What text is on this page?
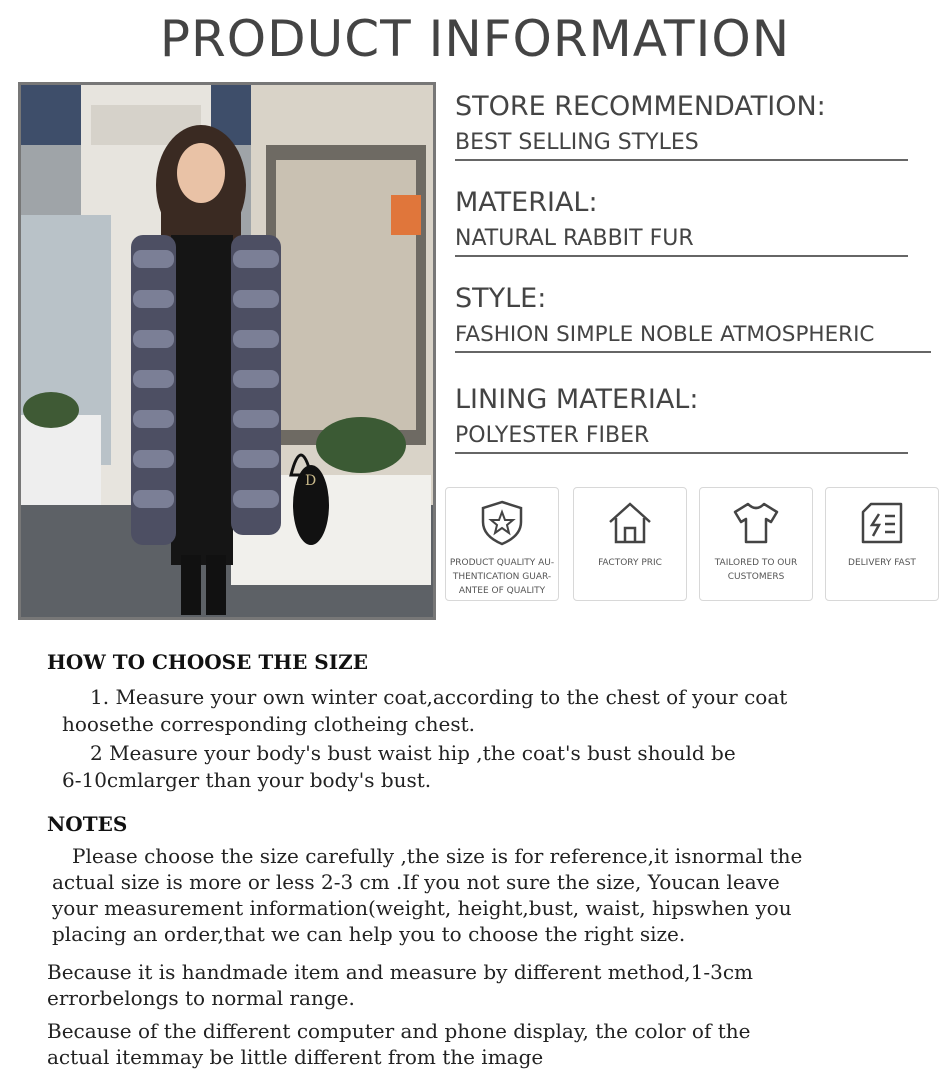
PRODUCT INFORMATION
D
STORE RECOMMENDATION:
BEST SELLING STYLES
MATERIAL:
NATURAL RABBIT FUR
STYLE:
FASHION SIMPLE NOBLE ATMOSPHERIC
LINING MATERIAL:
POLYESTER FIBER
PRODUCT QUALITY AU-THENTICATION GUAR-ANTEE OF QUALITY
FACTORY PRIC	TAILORED TO OUR CUSTOMERS
DELIVERY FAST
HOW TO CHOOSE THE SIZE
1. Measure your own winter coat,according to the chest of your coat
hoosethe corresponding clotheing chest.
2 Measure your body's bust waist hip ,the coat's bust should be
6-10cmlarger than your body's bust.
NOTES
Please choose the size carefully ,the size is for reference,it isnormal the
actual size is more or less 2-3 cm .If you not sure the size, Youcan leave
your measurement information(weight, height,bust, waist, hipswhen you
placing an order,that we can help you to choose the right size.
Because it is handmade item and measure by different method,1-3cm
errorbelongs to normal range.
Because of the different computer and phone display, the color of the
actual itemmay be little different from the image
